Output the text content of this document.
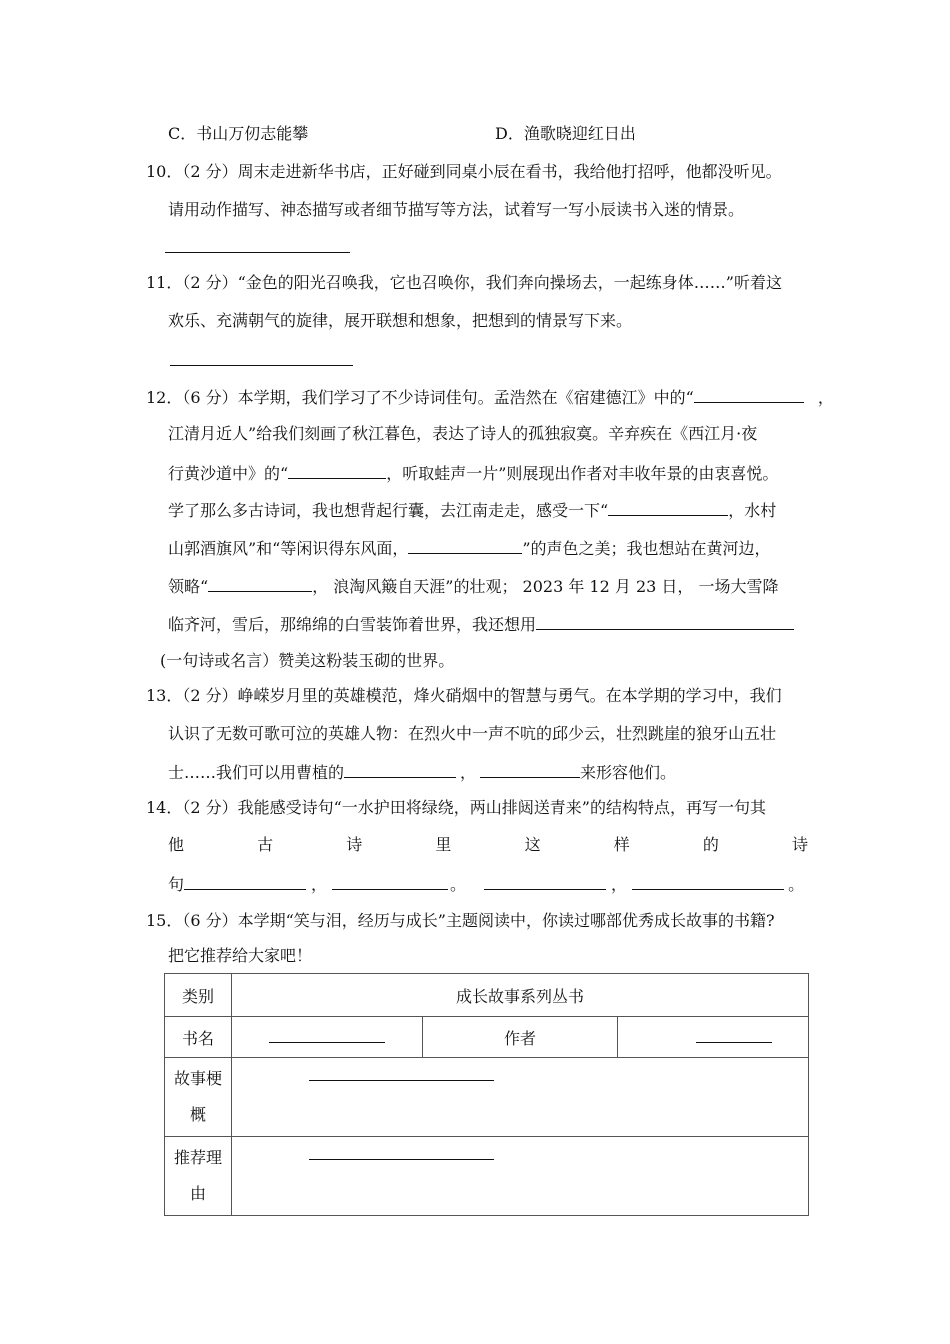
C．书山万仞志能攀	D．渔歌晓迎红日出
10．（2 分）周末走进新华书店，正好碰到同桌小辰在看书，我给他打招呼，他都没听见。
请用动作描写、神态描写或者细节描写等方法，试着写一写小辰读书入迷的情景。
11．（2 分）“金色的阳光召唤我，它也召唤你，我们奔向操场去，一起练身体……”听着这
欢乐、充满朝气的旋律，展开联想和想象，把想到的情景写下来。
12．（6 分）本学期，我们学习了不少诗词佳句。孟浩然在《宿建德江》中的“	，
江清月近人”给我们刻画了秋江暮色，表达了诗人的孤独寂寞。辛弃疾在《西江月·夜
行黄沙道中》的“	，听取蛙声一片”则展现出作者对丰收年景的由衷喜悦。
学了那么多古诗词，我也想背起行囊，去江南走走，感受一下“	，水村
山郭酒旗风”和“等闲识得东风面，	”的声色之美；我也想站在黄河边，
领略“	， 浪淘风簸自天涯”的壮观； 2023 年 12 月 23 日， 一场大雪降
临齐河，雪后，那绵绵的白雪装饰着世界，我还想用
(一句诗或名言）赞美这粉装玉砌的世界。
13．（2 分）峥嵘岁月里的英雄模范，烽火硝烟中的智慧与勇气。在本学期的学习中，我们
认识了无数可歌可泣的英雄人物：在烈火中一声不吭的邱少云，壮烈跳崖的狼牙山五壮
士……我们可以用曹植的	，	来形容他们。
14．（2 分）我能感受诗句“一水护田将绿绕，两山排闼送青来”的结构特点，再写一句其
他	古	诗	里	这	样	的	诗
句	，	。	，	。
15．（6 分）本学期“笑与泪，经历与成长”主题阅读中，你读过哪部优秀成长故事的书籍?
把它推荐给大家吧！
类别	成长故事系列丛书		
书名		作者	

故事梗
概			

推荐理
由			
